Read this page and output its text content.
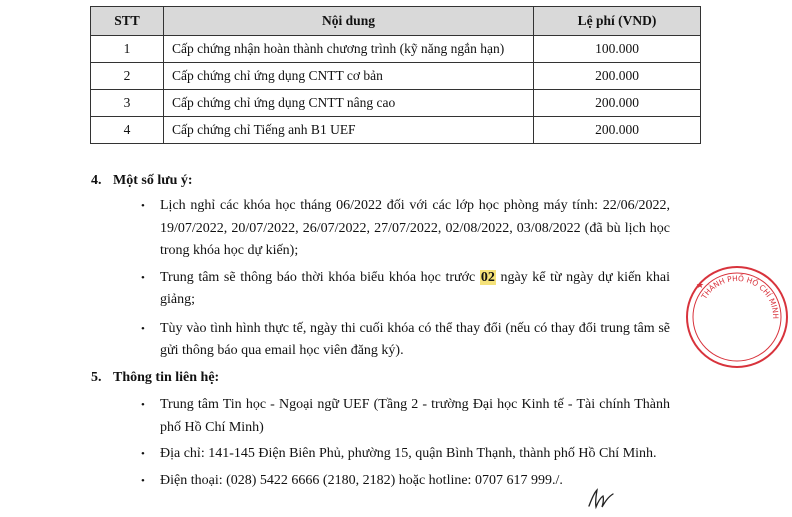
STT	Nội dung	Lệ phí (VND)
1	Cấp chứng nhận hoàn thành chương trình (kỹ năng ngắn hạn)	100.000
2	Cấp chứng chỉ ứng dụng CNTT cơ bản	200.000
3	Cấp chứng chỉ ứng dụng CNTT nâng cao	200.000
4	Cấp chứng chỉ Tiếng anh B1 UEF	200.000
4. Một số lưu ý:
• Lịch nghỉ các khóa học tháng 06/2022 đối với các lớp học phòng máy tính: 22/06/2022, 19/07/2022, 20/07/2022, 26/07/2022, 27/07/2022, 02/08/2022, 03/08/2022 (đã bù lịch học trong khóa học dự kiến);
• Trung tâm sẽ thông báo thời khóa biểu khóa học trước 02 ngày kể từ ngày dự kiến khai giảng;
• Tùy vào tình hình thực tế, ngày thi cuối khóa có thể thay đổi (nếu có thay đổi trung tâm sẽ gửi thông báo qua email học viên đăng ký).
5. Thông tin liên hệ:
• Trung tâm Tin học - Ngoại ngữ UEF (Tầng 2 - trường Đại học Kinh tế - Tài chính Thành phố Hồ Chí Minh)
• Địa chỉ: 141-145 Điện Biên Phủ, phường 15, quận Bình Thạnh, thành phố Hồ Chí Minh.
• Điện thoại: (028) 5422 6666 (2180, 2182) hoặc hotline: 0707 617 999./.
THÀNH PHỐ HỒ CHÍ MINH
★
